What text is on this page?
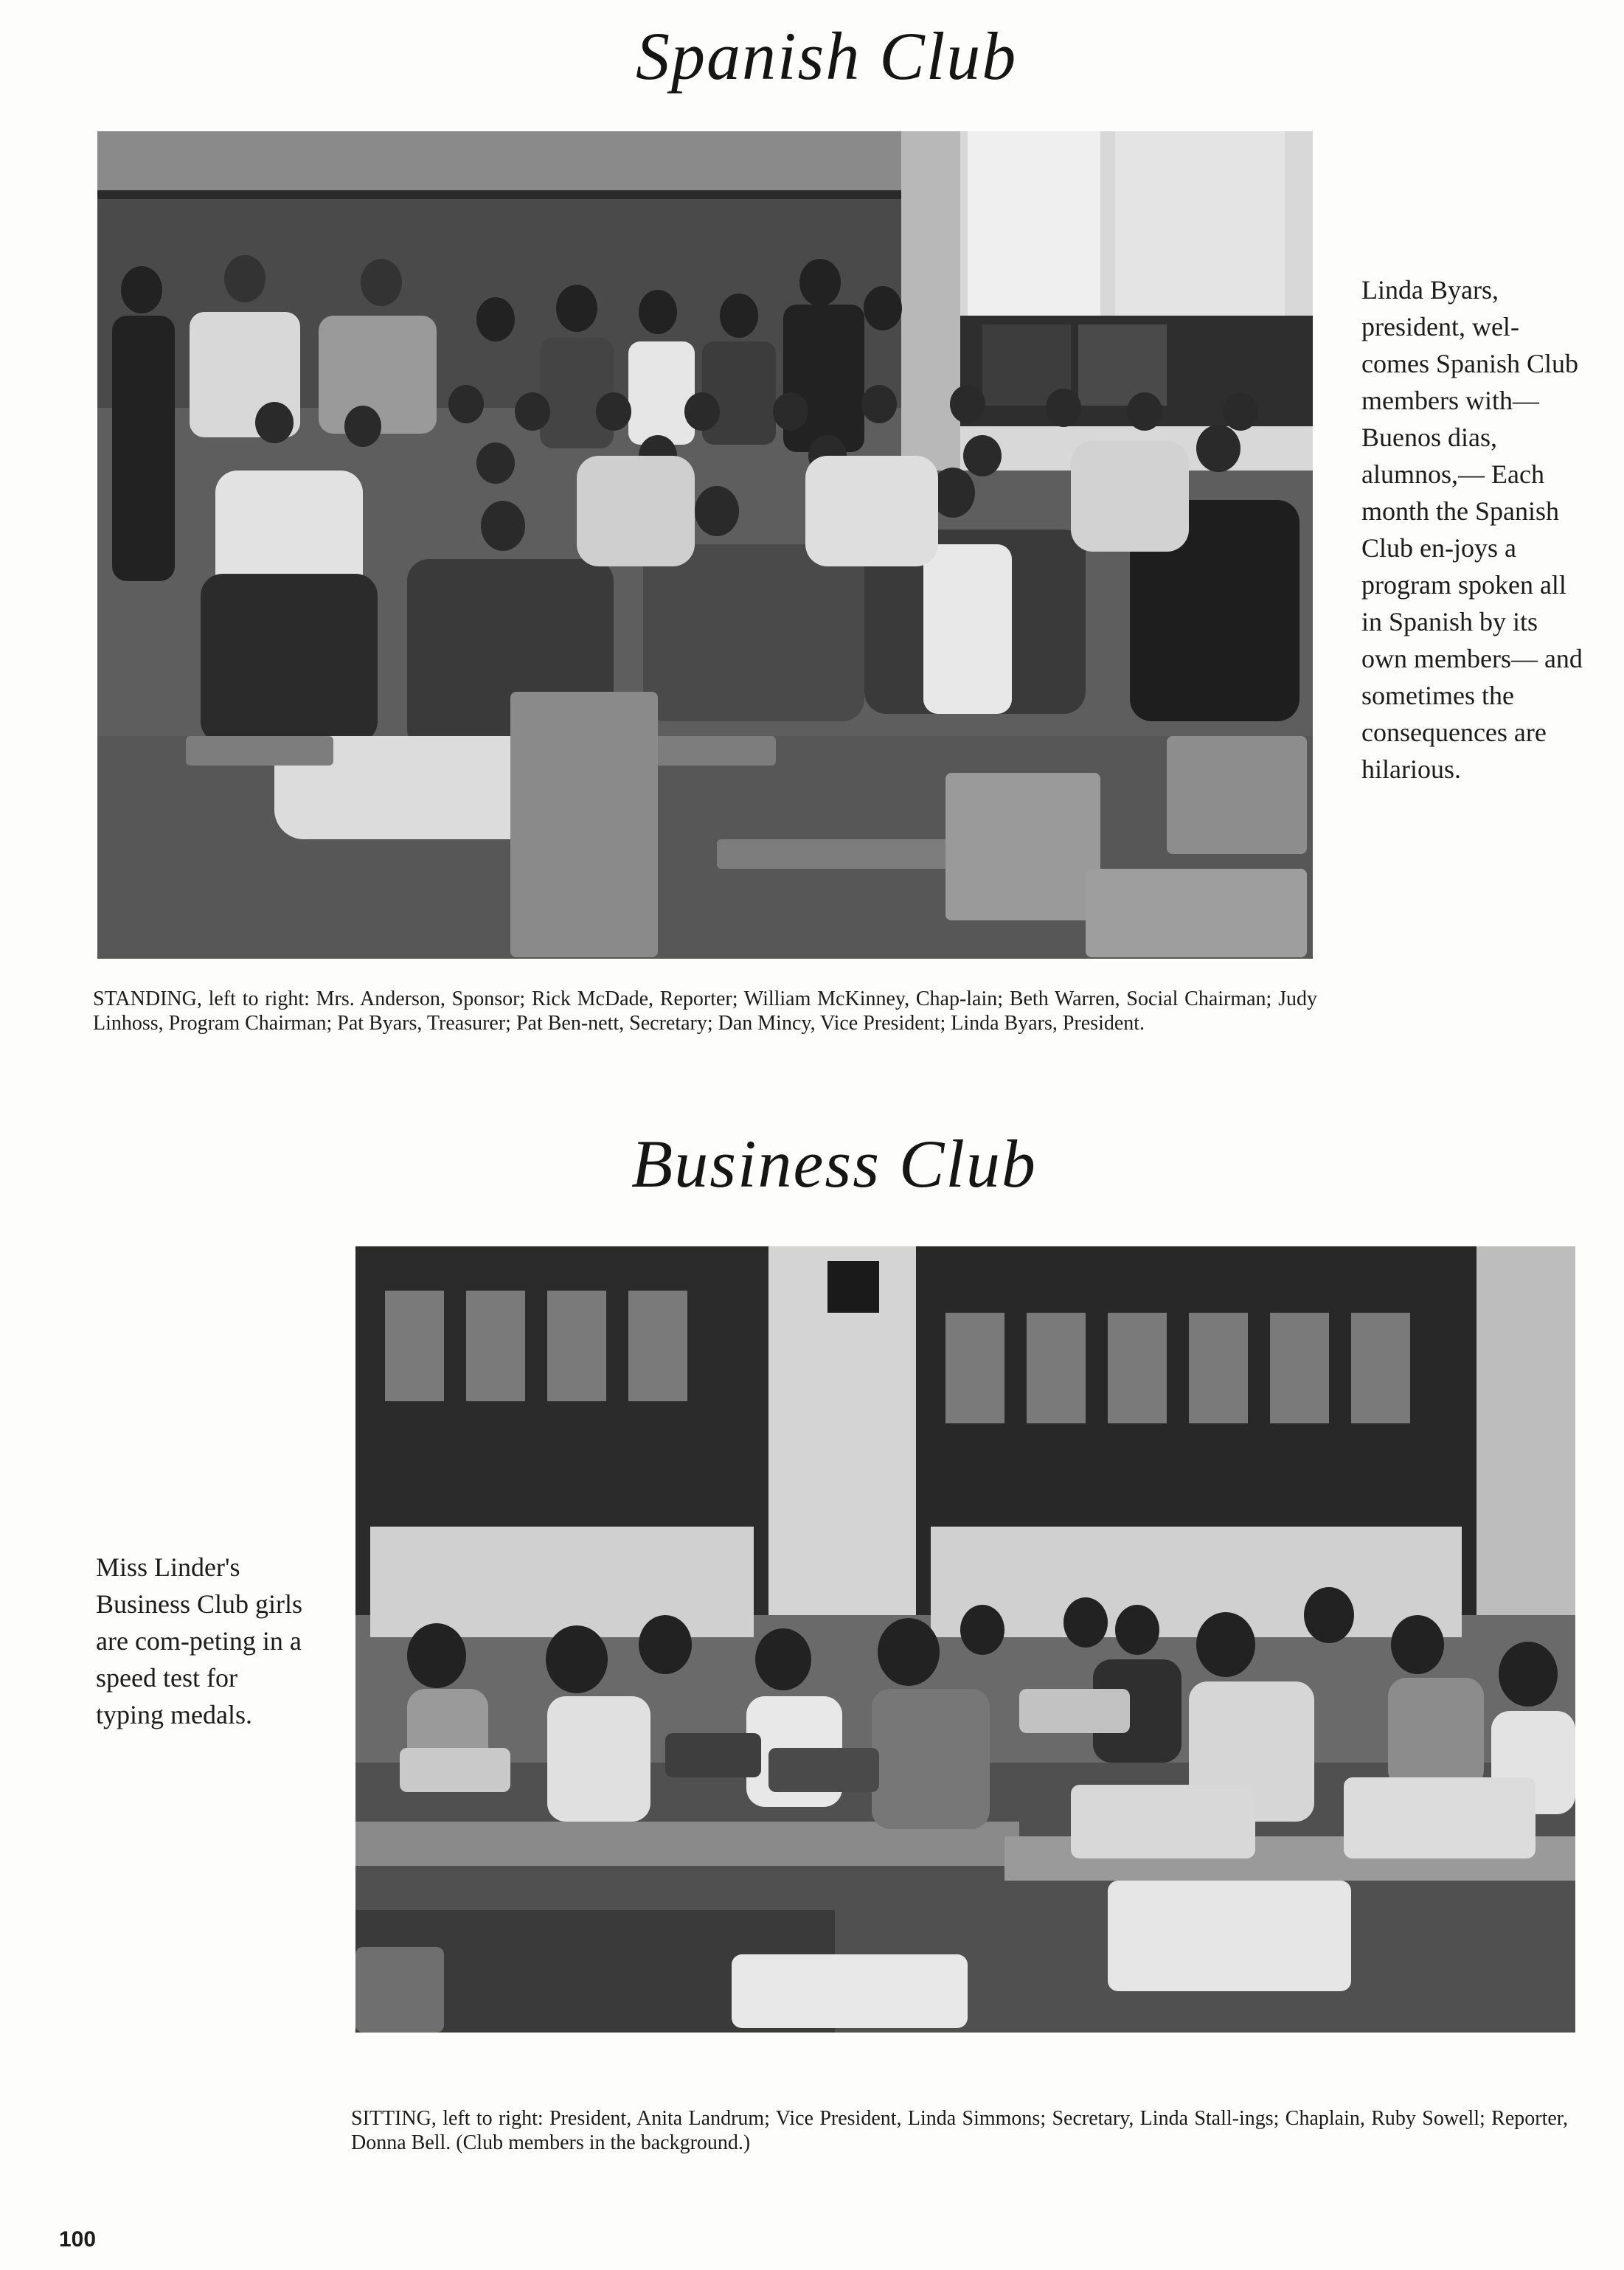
Spanish Club
Linda Byars, president, wel-comes Spanish Club members with—Buenos dias, alumnos,— Each month the Spanish Club en-joys a program spoken all in Spanish by its own members— and sometimes the consequences are hilarious.
STANDING, left to right: Mrs. Anderson, Sponsor; Rick McDade, Reporter; William McKinney, Chap-lain; Beth Warren, Social Chairman; Judy Linhoss, Program Chairman; Pat Byars, Treasurer; Pat Ben-nett, Secretary; Dan Mincy, Vice President; Linda Byars, President.
Business Club
Miss Linder's Business Club girls are com-peting in a speed test for typing medals.
SITTING, left to right: President, Anita Landrum; Vice President, Linda Simmons; Secretary, Linda Stall-ings; Chaplain, Ruby Sowell; Reporter, Donna Bell. (Club members in the background.)
100
